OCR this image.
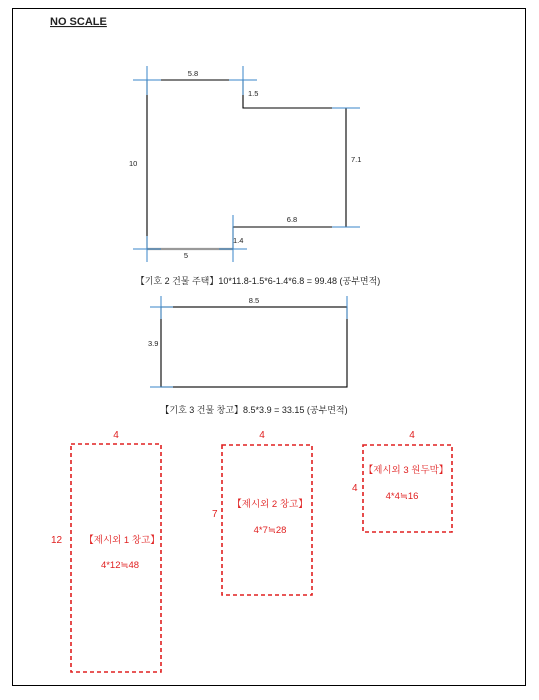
NO SCALE
5.8
1.5
10	7.1
6.8
1.4
5
【기호 2 건물 주택】10*11.8-1.5*6-1.4*6.8 = 99.48 (공부면적)
8.5
3.9
【기호 3 건물 창고】8.5*3.9 = 33.15 (공부면적)
4
12 【제시외 1 창고】
4*12≒48
4
7
【제시외 2 창고】
4*7≒28
4
4
【제시외 3 원두막】
4*4≒16
